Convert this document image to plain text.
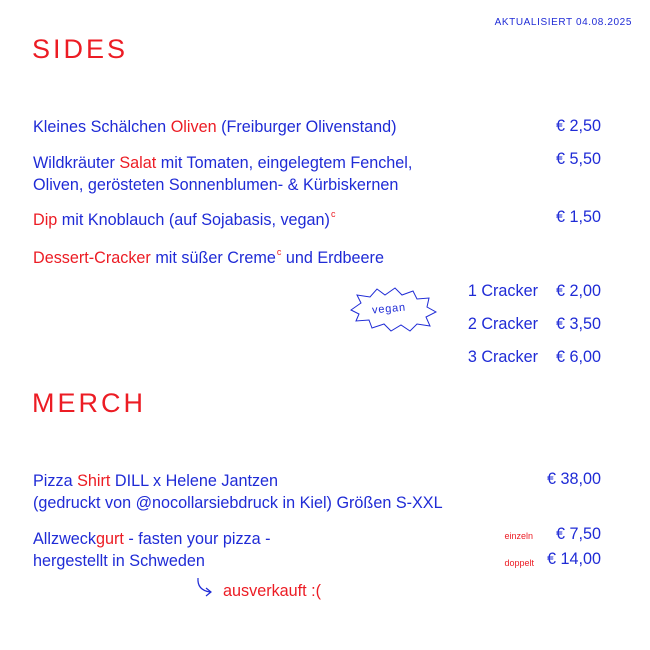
AKTUALISIERT 04.08.2025
SIDES
Kleines Schälchen Oliven (Freiburger Olivenstand)	€ 2,50
Wildkräuter Salat mit Tomaten, eingelegtem Fenchel,
Oliven, gerösteten Sonnenblumen- & Kürbiskernen
€ 5,50
Dip mit Knoblauch (auf Sojabasis, vegan)$^c$	€ 1,50
Dessert-Cracker mit süßer Creme$^c$ und Erdbeere
1 Cracker € 2,00
2 Cracker € 3,50
3 Cracker € 6,00
vegan
MERCH
Pizza Shirt DILL x Helene Jantzen
(gedruckt von @nocollarsiebdruck in Kiel) Größen S-XXL
€ 38,00
Allzweckgurt - fasten your pizza -
hergestellt in Schweden
einzeln € 7,50
doppelt € 14,00
ausverkauft :(
